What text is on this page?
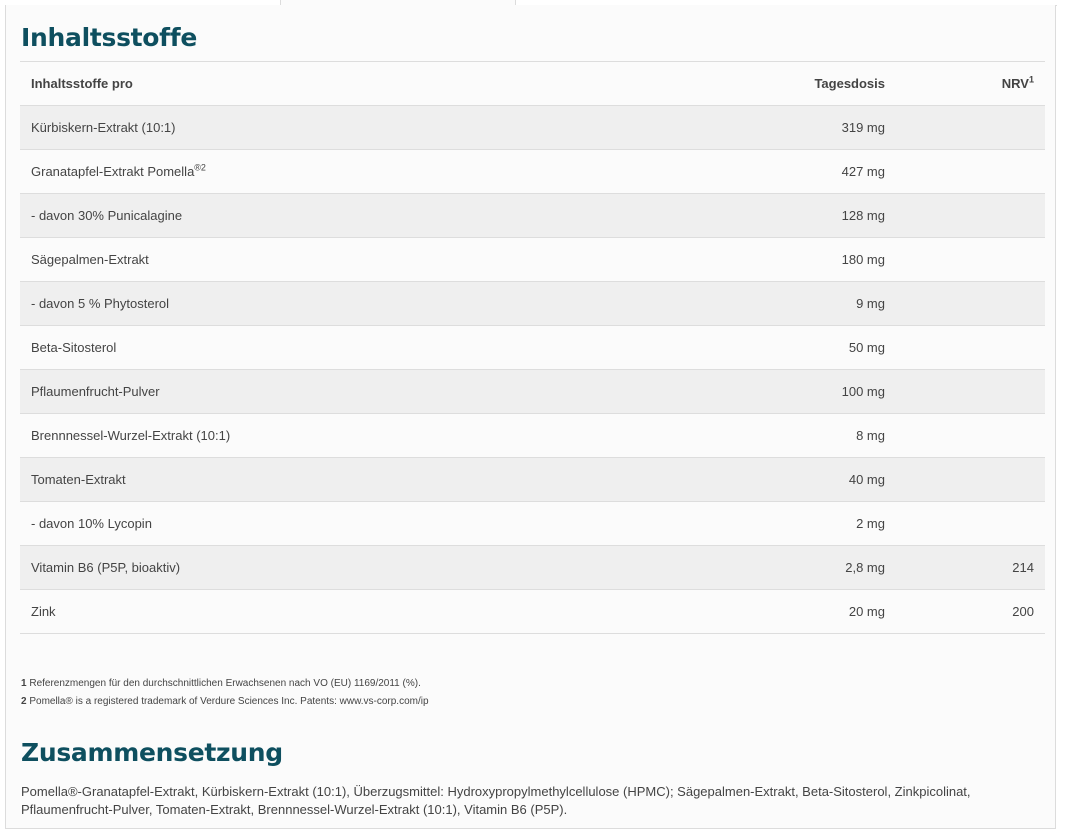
Inhaltsstoffe
Inhaltsstoffe pro	Tagesdosis	NRV$^1$
Kürbiskern-Extrakt (10:1)	319 mg	
Granatapfel-Extrakt Pomella$^{®2}$	427 mg	
- davon 30% Punicalagine	128 mg	
Sägepalmen-Extrakt	180 mg	
- davon 5 % Phytosterol	9 mg	
Beta-Sitosterol	50 mg	
Pflaumenfrucht-Pulver	100 mg	
Brennnessel-Wurzel-Extrakt (10:1)	8 mg	
Tomaten-Extrakt	40 mg	
- davon 10% Lycopin	2 mg	
Vitamin B6 (P5P, bioaktiv)	2,8 mg	214
Zink	20 mg	200
1 Referenzmengen für den durchschnittlichen Erwachsenen nach VO (EU) 1169/2011 (%).
2 Pomella® is a registered trademark of Verdure Sciences Inc. Patents: www.vs-corp.com/ip
Zusammensetzung

Pomella®-Granatapfel-Extrakt, Kürbiskern-Extrakt (10:1), Überzugsmittel: Hydroxypropylmethylcellulose (HPMC); Sägepalmen-Extrakt, Beta-Sitosterol, Zinkpicolinat, Pflaumenfrucht-Pulver, Tomaten-Extrakt, Brennnessel-Wurzel-Extrakt (10:1), Vitamin B6 (P5P).
